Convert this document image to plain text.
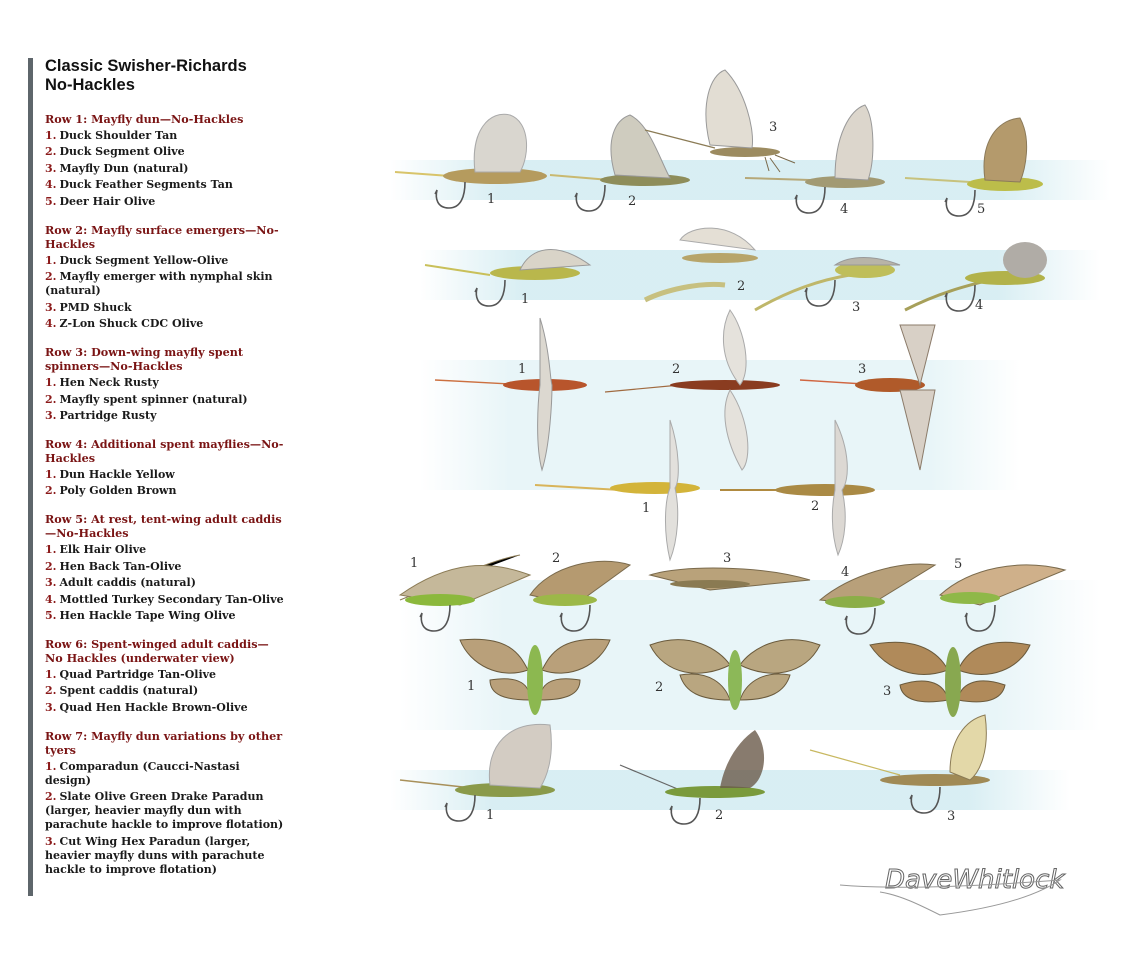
Classic Swisher-Richards
No-Hackles
Row 1: Mayfly dun—No-Hackles
1. Duck Shoulder Tan
2. Duck Segment Olive
3. Mayfly Dun (natural)
4. Duck Feather Segments Tan
5. Deer Hair Olive
Row 2: Mayfly surface emergers—No-Hackles
1. Duck Segment Yellow-Olive
2. Mayfly emerger with nymphal skin (natural)
3. PMD Shuck
4. Z-Lon Shuck CDC Olive
Row 3: Down-wing mayfly spent spinners—No-Hackles
1. Hen Neck Rusty
2. Mayfly spent spinner (natural)
3. Partridge Rusty
Row 4: Additional spent mayflies—No-Hackles
1. Dun Hackle Yellow
2. Poly Golden Brown
Row 5: At rest, tent-wing adult caddis—No-Hackles
1. Elk Hair Olive
2. Hen Back Tan-Olive
3. Adult caddis (natural)
4. Mottled Turkey Secondary Tan-Olive
5. Hen Hackle Tape Wing Olive
Row 6: Spent-winged adult caddis—No Hackles (underwater view)
1. Quad Partridge Tan-Olive
2. Spent caddis (natural)
3. Quad Hen Hackle Brown-Olive
Row 7: Mayfly dun variations by other tyers
1. Comparadun (Caucci-Nastasi design)
2. Slate Olive Green Drake Paradun (larger, heavier mayfly dun with parachute hackle to improve flotation)
3. Cut Wing Hex Paradun (larger, heavier mayfly duns with parachute hackle to improve flotation)
1	2
3
4	5
1
2
3	4
1	2	3
1	2
1	2	3
4
5
1	2	3
1	2	3
DaveWhitlock
